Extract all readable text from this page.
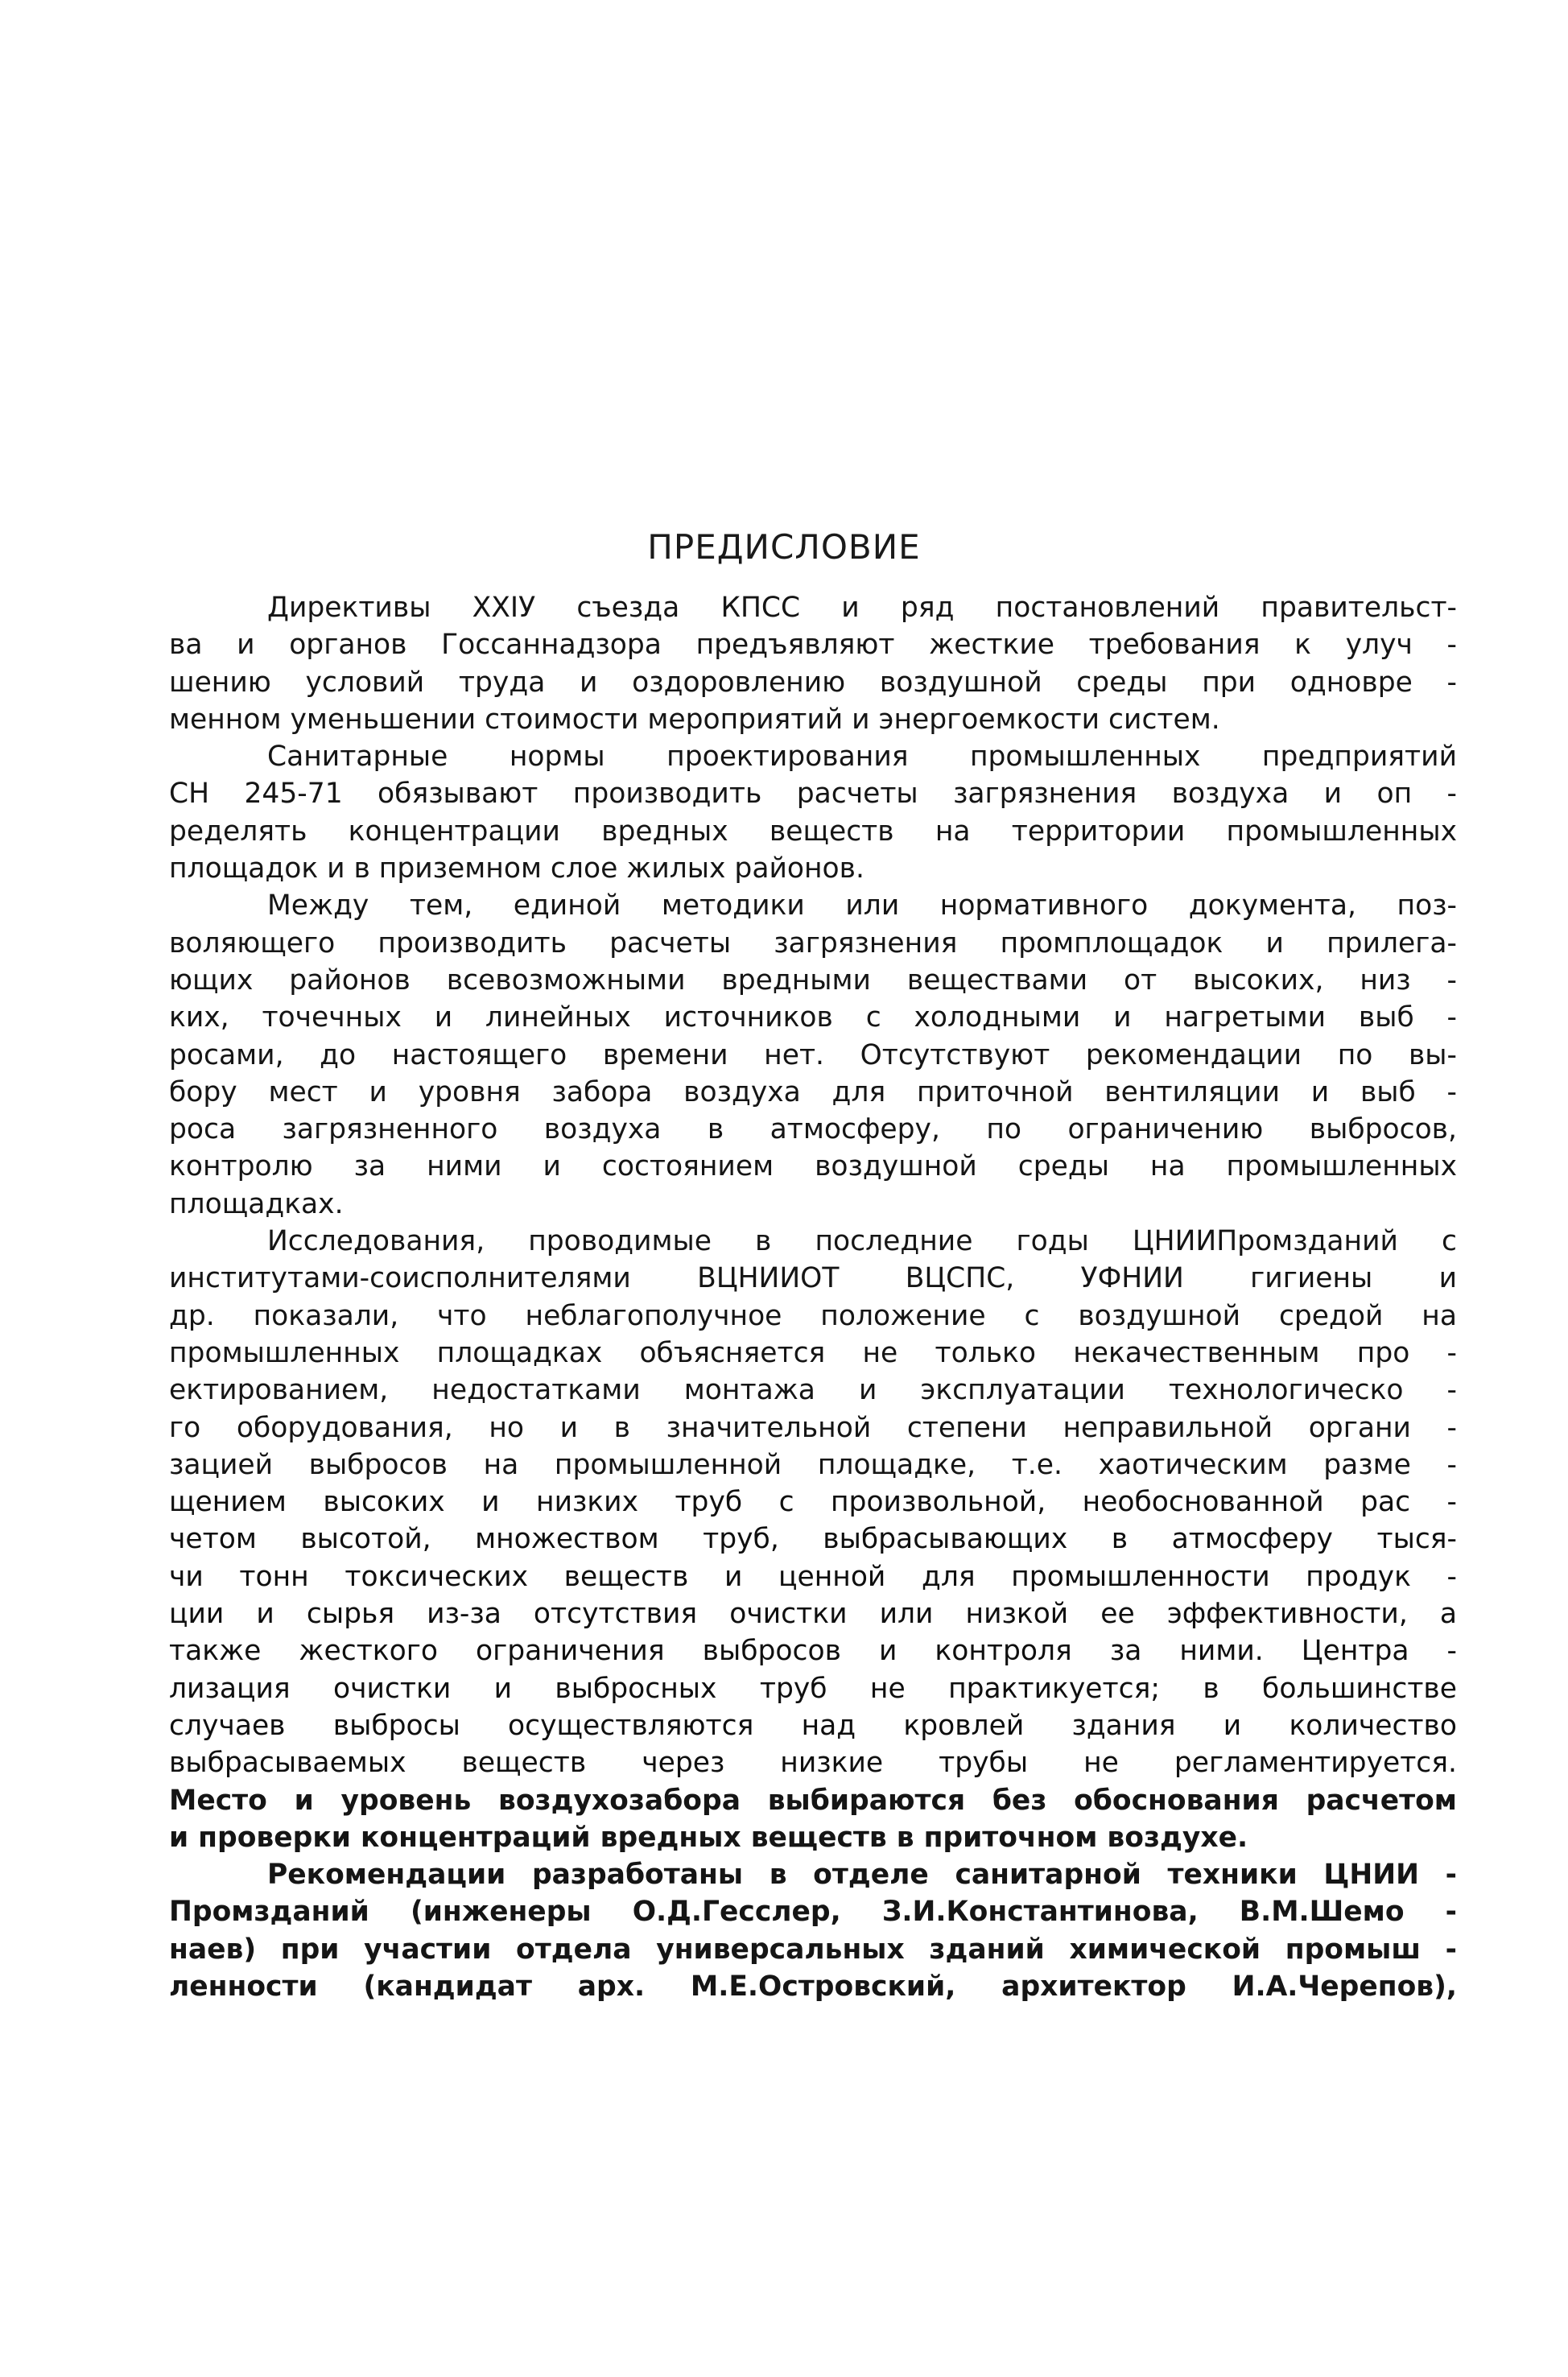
ПРЕДИСЛОВИЕ
Директивы XXIУ съезда КПСС и ряд постановлений правительст-
ва и органов Госсаннадзора предъявляют жесткие требования к улуч -
шению условий труда и оздоровлению воздушной среды при одновре -
менном уменьшении стоимости мероприятий и энергоемкости систем.
Санитарные нормы проектирования промышленных предприятий
СН 245-71 обязывают производить расчеты загрязнения воздуха и оп -
ределять концентрации вредных веществ на территории промышленных
площадок и в приземном слое жилых районов.
Между тем, единой методики или нормативного документа, поз-
воляющего производить расчеты загрязнения промплощадок и прилега-
ющих районов всевозможными вредными веществами от высоких, низ -
ких, точечных и линейных источников с холодными и нагретыми выб -
росами, до настоящего времени нет. Отсутствуют рекомендации по вы-
бору мест и уровня забора воздуха для приточной вентиляции и выб -
роса загрязненного воздуха в атмосферу, по ограничению выбросов,
контролю за ними и состоянием воздушной среды на промышленных
площадках.
Исследования, проводимые в последние годы ЦНИИПромзданий с
институтами-соисполнителями ВЦНИИОТ ВЦСПС, УФНИИ гигиены и
др. показали, что неблагополучное положение с воздушной средой на
промышленных площадках объясняется не только некачественным про -
ектированием, недостатками монтажа и эксплуатации технологическо -
го оборудования, но и в значительной степени неправильной органи -
зацией выбросов на промышленной площадке, т.е. хаотическим разме -
щением высоких и низких труб с произвольной, необоснованной рас -
четом высотой, множеством труб, выбрасывающих в атмосферу тыся-
чи тонн токсических веществ и ценной для промышленности продук -
ции и сырья из-за отсутствия очистки или низкой ее эффективности, а
также жесткого ограничения выбросов и контроля за ними. Центра -
лизация очистки и выбросных труб не практикуется; в большинстве
случаев выбросы осуществляются над кровлей здания и количество
выбрасываемых веществ через низкие трубы не регламентируется.
Место и уровень воздухозабора выбираются без обоснования расчетом
и проверки концентраций вредных веществ в приточном воздухе.
Рекомендации разработаны в отделе санитарной техники ЦНИИ -
Промзданий (инженеры О.Д.Гесслер, З.И.Константинова, В.М.Шемо -
наев) при участии отдела универсальных зданий химической промыш -
ленности (кандидат арх. М.Е.Островский, архитектор И.А.Черепов),
